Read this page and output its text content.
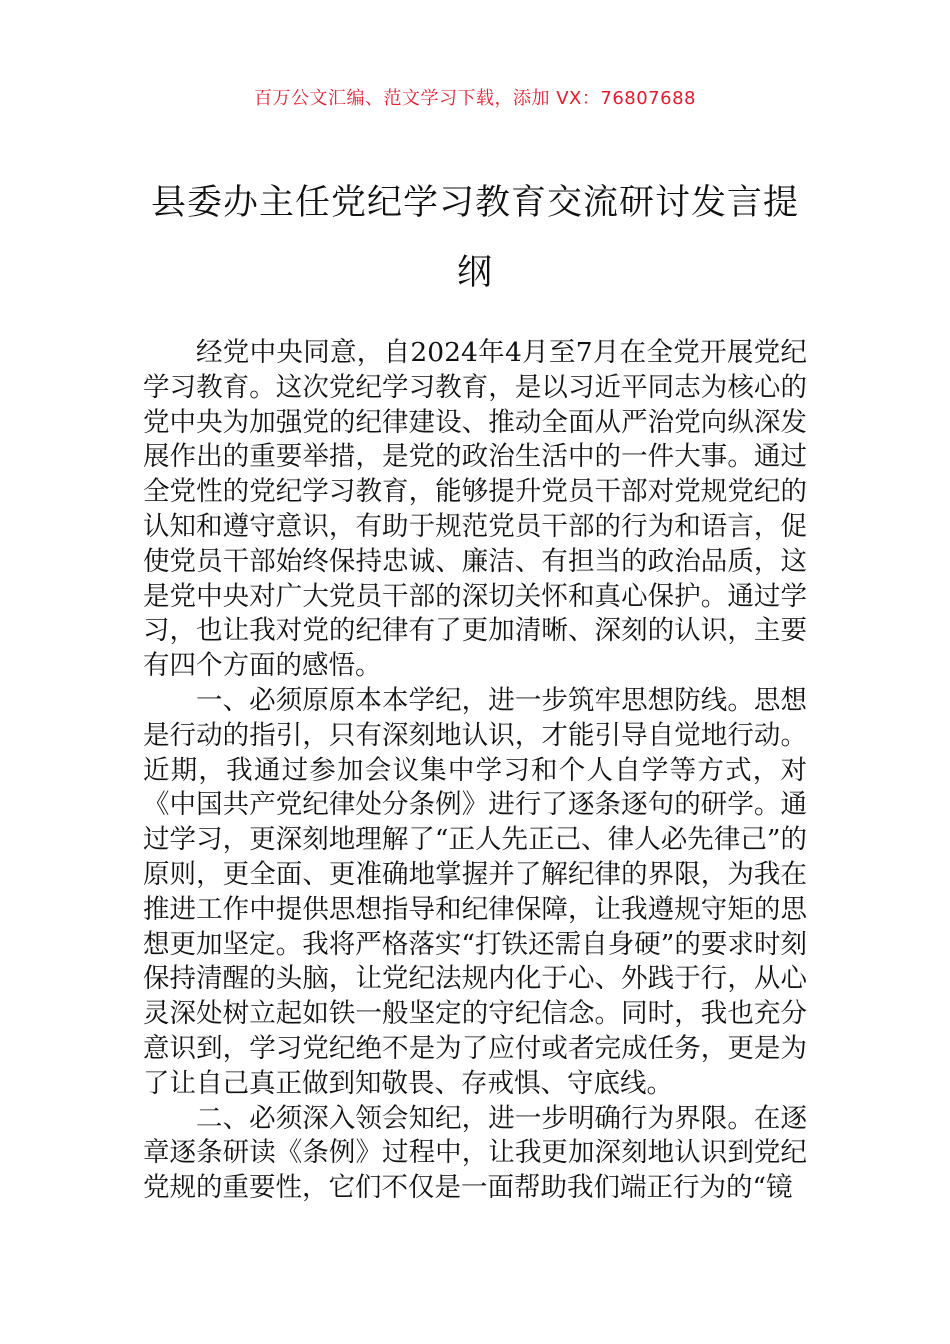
百万公文汇编、范文学习下载，添加 VX：76807688
县委办主任党纪学习教育交流研讨发言提纲

经党中央同意，自2024年4月至7月在全党开展党纪学习教育。这次党纪学习教育，是以习近平同志为核心的党中央为加强党的纪律建设、推动全面从严治党向纵深发展作出的重要举措，是党的政治生活中的一件大事。通过全党性的党纪学习教育，能够提升党员干部对党规党纪的认知和遵守意识，有助于规范党员干部的行为和语言，促使党员干部始终保持忠诚、廉洁、有担当的政治品质，这是党中央对广大党员干部的深切关怀和真心保护。通过学习，也让我对党的纪律有了更加清晰、深刻的认识，主要有四个方面的感悟。

一、必须原原本本学纪，进一步筑牢思想防线。思想是行动的指引，只有深刻地认识，才能引导自觉地行动。近期，我通过参加会议集中学习和个人自学等方式，对《中国共产党纪律处分条例》进行了逐条逐句的研学。通过学习，更深刻地理解了“正人先正己、律人必先律己”的原则，更全面、更准确地掌握并了解纪律的界限，为我在推进工作中提供思想指导和纪律保障，让我遵规守矩的思想更加坚定。我将严格落实“打铁还需自身硬”的要求时刻保持清醒的头脑，让党纪法规内化于心、外践于行，从心灵深处树立起如铁一般坚定的守纪信念。同时，我也充分意识到，学习党纪绝不是为了应付或者完成任务，更是为了让自己真正做到知敬畏、存戒惧、守底线。

二、必须深入领会知纪，进一步明确行为界限。在逐章逐条研读《条例》过程中，让我更加深刻地认识到党纪党规的重要性，它们不仅是一面帮助我们端正行为的“镜
